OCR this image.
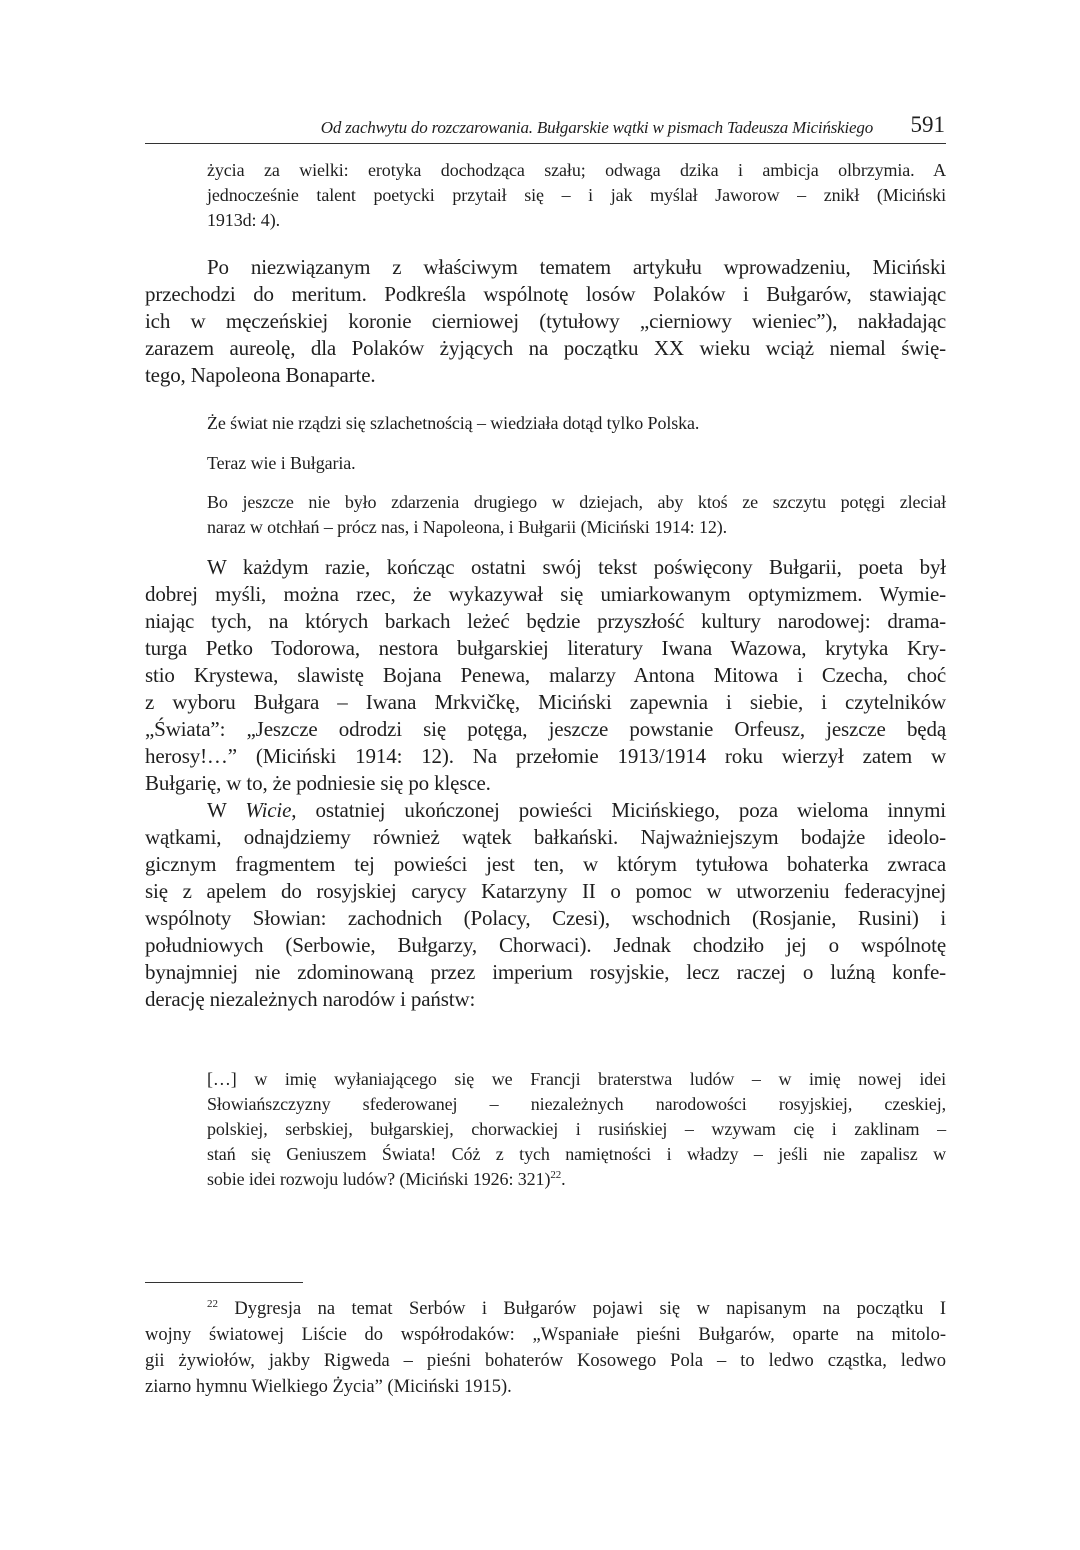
Od zachwytu do rozczarowania. Bułgarskie wątki w pismach Tadeusza Micińskiego 591
życia za wielki: erotyka dochodząca szału; odwaga dzika i ambicja olbrzymia. A
jednocześnie talent poetycki przytaił się – i jak myślał Jaworow – znikł (Miciński
1913d: 4).
Po niezwiązanym z właściwym tematem artykułu wprowadzeniu, Miciński
przechodzi do meritum. Podkreśla wspólnotę losów Polaków i Bułgarów, stawiając
ich w męczeńskiej koronie cierniowej (tytułowy „cierniowy wieniec”), nakładając
zarazem aureolę, dla Polaków żyjących na początku XX wieku wciąż niemal świę-
tego, Napoleona Bonaparte.
Że świat nie rządzi się szlachetnością – wiedziała dotąd tylko Polska.
Teraz wie i Bułgaria.
Bo jeszcze nie było zdarzenia drugiego w dziejach, aby ktoś ze szczytu potęgi zleciał
naraz w otchłań – prócz nas, i Napoleona, i Bułgarii (Miciński 1914: 12).
W każdym razie, kończąc ostatni swój tekst poświęcony Bułgarii, poeta był
dobrej myśli, można rzec, że wykazywał się umiarkowanym optymizmem. Wymie-
niając tych, na których barkach leżeć będzie przyszłość kultury narodowej: drama-
turga Petko Todorowa, nestora bułgarskiej literatury Iwana Wazowa, krytyka Kry-
stio Krystewa, slawistę Bojana Penewa, malarzy Antona Mitowa i Czecha, choć
z wyboru Bułgara – Iwana Mrkvičkę, Miciński zapewnia i siebie, i czytelników
„Świata”: „Jeszcze odrodzi się potęga, jeszcze powstanie Orfeusz, jeszcze będą
herosy!…” (Miciński 1914: 12). Na przełomie 1913/1914 roku wierzył zatem w
Bułgarię, w to, że podniesie się po klęsce.
W Wicie, ostatniej ukończonej powieści Micińskiego, poza wieloma innymi
wątkami, odnajdziemy również wątek bałkański. Najważniejszym bodajże ideolo-
gicznym fragmentem tej powieści jest ten, w którym tytułowa bohaterka zwraca
się z apelem do rosyjskiej carycy Katarzyny II o pomoc w utworzeniu federacyjnej
wspólnoty Słowian: zachodnich (Polacy, Czesi), wschodnich (Rosjanie, Rusini) i
południowych (Serbowie, Bułgarzy, Chorwaci). Jednak chodziło jej o wspólnotę
bynajmniej nie zdominowaną przez imperium rosyjskie, lecz raczej o luźną konfe-
derację niezależnych narodów i państw:
[…] w imię wyłaniającego się we Francji braterstwa ludów – w imię nowej idei
Słowiańszczyzny sfederowanej – niezależnych narodowości rosyjskiej, czeskiej,
polskiej, serbskiej, bułgarskiej, chorwackiej i rusińskiej – wzywam cię i zaklinam –
stań się Geniuszem Świata! Cóż z tych namiętności i władzy – jeśli nie zapalisz w
sobie idei rozwoju ludów? (Miciński 1926: 321)$^{22}$.
$^{22}$ Dygresja na temat Serbów i Bułgarów pojawi się w napisanym na początku I
wojny światowej Liście do współrodaków: „Wspaniałe pieśni Bułgarów, oparte na mitolo-
gii żywiołów, jakby Rigweda – pieśni bohaterów Kosowego Pola – to ledwo cząstka, ledwo
ziarno hymnu Wielkiego Życia” (Miciński 1915).
